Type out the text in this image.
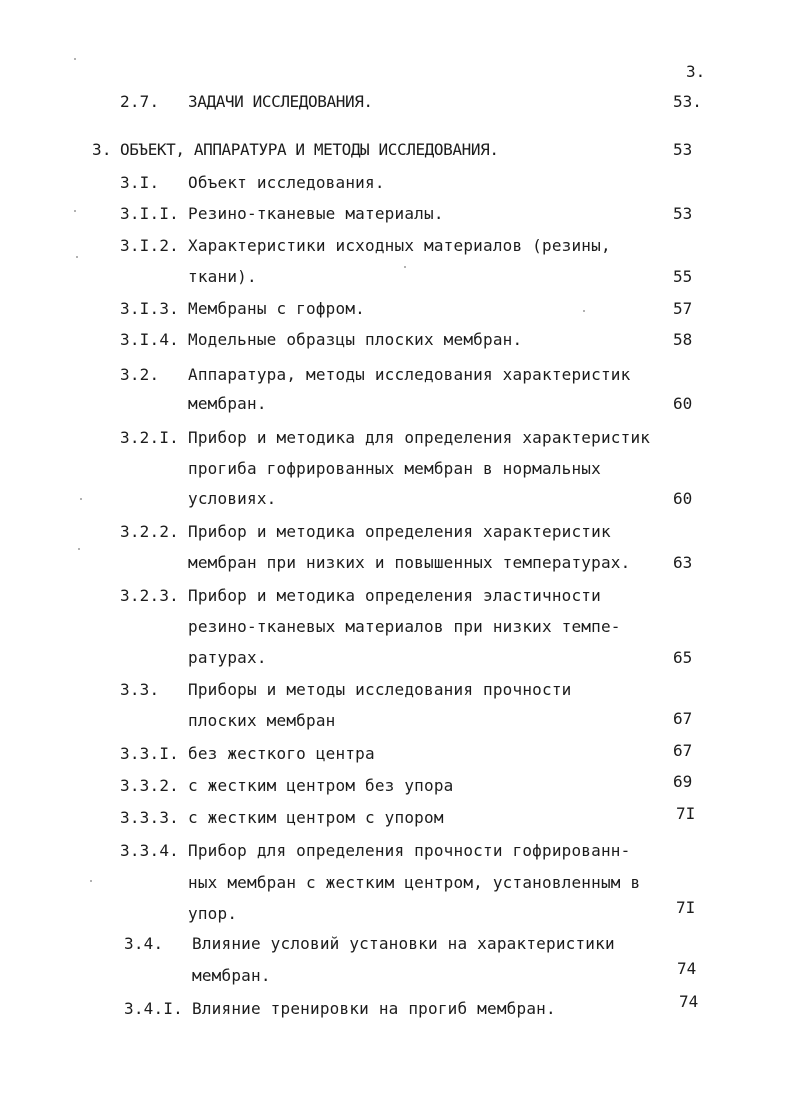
3.
2.7. ЗАДАЧИ ИССЛЕДОВАНИЯ.	53.
3. ОБЪЕКТ, АППАРАТУРА И МЕТОДЫ ИССЛЕДОВАНИЯ.	53
3.I. Объект исследования.
3.I.I. Резино-тканевые материалы.	53
3.I.2. Характеристики исходных материалов (резины,
ткани).	55
3.I.3. Мембраны с гофром.	57
3.I.4. Модельные образцы плоских мембран.	58
3.2. Аппаратура, методы исследования характеристик
мембран.	60
3.2.I. Прибор и методика для определения характеристик
прогиба гофрированных мембран в нормальных
условиях.	60
3.2.2. Прибор и методика определения характеристик
мембран при низких и повышенных температурах.	63
3.2.3. Прибор и методика определения эластичности
резино-тканевых материалов при низких темпе-
ратурах.	65
3.3. Приборы и методы исследования прочности
плоских мембран	67
3.3.I. без жесткого центра	67
3.3.2. с жестким центром без упора	69
3.3.3. с жестким центром с упором	7I
3.3.4. Прибор для определения прочности гофрированн-
ных мембран с жестким центром, установленным в
упор.	7I
3.4. Влияние условий установки на характеристики
мембран.	74
3.4.I. Влияние тренировки на прогиб мембран.	74
